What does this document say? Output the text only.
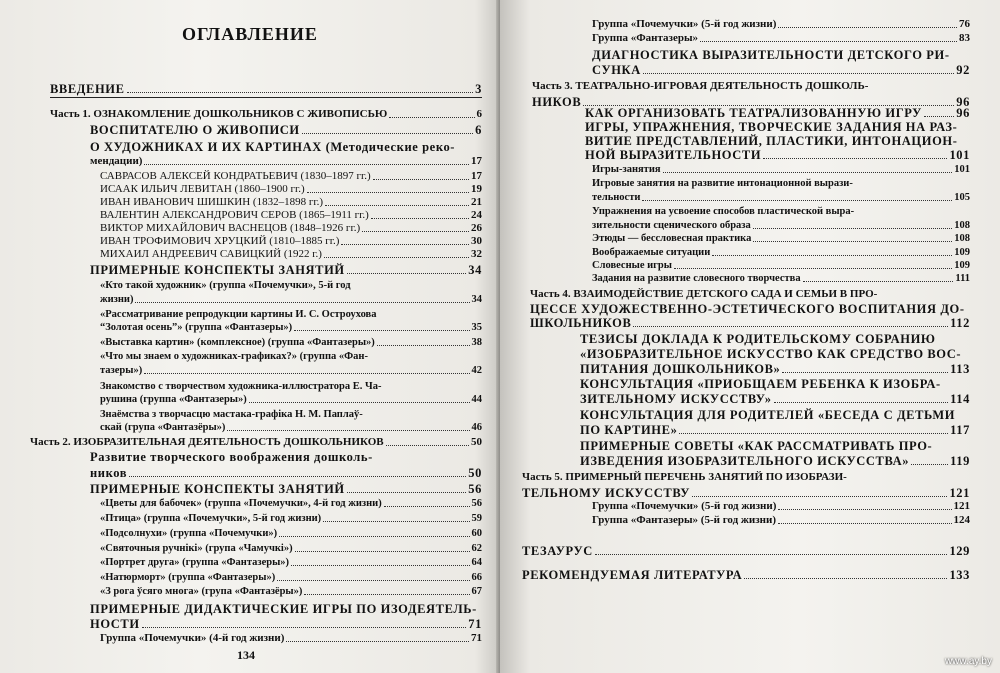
ОГЛАВЛЕНИЕ
ВВЕДЕНИЕ	3
Часть 1. ОЗНАКОМЛЕНИЕ ДОШКОЛЬНИКОВ С ЖИВОПИСЬЮ	6
ВОСПИТАТЕЛЮ О ЖИВОПИСИ	6
О ХУДОЖНИКАХ И ИХ КАРТИНАХ (Методические реко-
мендации)	17
САВРАСОВ АЛЕКСЕЙ КОНДРАТЬЕВИЧ (1830–1897 гг.)	17
ИСААК ИЛЬИЧ ЛЕВИТАН (1860–1900 гг.)	19
ИВАН ИВАНОВИЧ ШИШКИН (1832–1898 гг.)	21
ВАЛЕНТИН АЛЕКСАНДРОВИЧ СЕРОВ (1865–1911 гг.)	24
ВИКТОР МИХАЙЛОВИЧ ВАСНЕЦОВ (1848–1926 гг.)	26
ИВАН ТРОФИМОВИЧ ХРУЦКИЙ (1810–1885 гг.)	30
МИХАИЛ АНДРЕЕВИЧ САВИЦКИЙ (1922 г.)	32
ПРИМЕРНЫЕ КОНСПЕКТЫ ЗАНЯТИЙ	34
«Кто такой художник» (группа «Почемучки», 5-й год
жизни)	34
«Рассматривание репродукции картины И. С. Остроухова
“Золотая осень”» (группа «Фантазеры»)	35
«Выставка картин» (комплексное) (группа «Фантазеры»)	38
«Что мы знаем о художниках-графиках?» (группа «Фан-
тазеры»)	42
Знакомство с творчеством художника-иллюстратора Е. Ча-
рушина (группа «Фантазеры»)	44
Знаёмства з творчасцю мастака-графіка Н. М. Паплаў-
скай (група «Фантазёры»)	46
Часть 2. ИЗОБРАЗИТЕЛЬНАЯ ДЕЯТЕЛЬНОСТЬ ДОШКОЛЬНИКОВ	50
Развитие творческого воображения дошколь-
ников	50
ПРИМЕРНЫЕ КОНСПЕКТЫ ЗАНЯТИЙ	56
«Цветы для бабочек» (группа «Почемучки», 4-й год жизни)	56
«Птица» (группа «Почемучки», 5-й год жизни)	59
«Подсолнухи» (группа «Почемучки»)	60
«Святочныя ручнікі» (група «Чамучкі»)	62
«Портрет друга» (группа «Фантазеры»)	64
«Натюрморт» (группа «Фантазеры»)	66
«З рога ўсяго многа» (група «Фантазёры»)	67
ПРИМЕРНЫЕ ДИДАКТИЧЕСКИЕ ИГРЫ ПО ИЗОДЕЯТЕЛЬ-
НОСТИ	71
Группа «Почемучки» (4-й год жизни)	71
134
Группа «Почемучки» (5-й год жизни)	76
Группа «Фантазеры»	83
ДИАГНОСТИКА ВЫРАЗИТЕЛЬНОСТИ ДЕТСКОГО РИ-
СУНКА	92
Часть 3. ТЕАТРАЛЬНО-ИГРОВАЯ ДЕЯТЕЛЬНОСТЬ ДОШКОЛЬ-
НИКОВ	96
КАК ОРГАНИЗОВАТЬ ТЕАТРАЛИЗОВАННУЮ ИГРУ	96
ИГРЫ, УПРАЖНЕНИЯ, ТВОРЧЕСКИЕ ЗАДАНИЯ НА РАЗ-
ВИТИЕ ПРЕДСТАВЛЕНИЙ, ПЛАСТИКИ, ИНТОНАЦИОН-
НОЙ ВЫРАЗИТЕЛЬНОСТИ	101
Игры-занятия	101
Игровые занятия на развитие интонационной вырази-
тельности	105
Упражнения на усвоение способов пластической выра-
зительности сценического образа	108
Этюды — бессловесная практика	108
Воображаемые ситуации	109
Словесные игры	109
Задания на развитие словесного творчества	111
Часть 4. ВЗАИМОДЕЙСТВИЕ ДЕТСКОГО САДА И СЕМЬИ В ПРО-
ЦЕССЕ ХУДОЖЕСТВЕННО-ЭСТЕТИЧЕСКОГО ВОСПИТАНИЯ ДО-
ШКОЛЬНИКОВ	112
ТЕЗИСЫ ДОКЛАДА К РОДИТЕЛЬСКОМУ СОБРАНИЮ
«ИЗОБРАЗИТЕЛЬНОЕ ИСКУССТВО КАК СРЕДСТВО ВОС-
ПИТАНИЯ ДОШКОЛЬНИКОВ»	113
КОНСУЛЬТАЦИЯ «ПРИОБЩАЕМ РЕБЕНКА К ИЗОБРА-
ЗИТЕЛЬНОМУ ИСКУССТВУ»	114
КОНСУЛЬТАЦИЯ ДЛЯ РОДИТЕЛЕЙ «БЕСЕДА С ДЕТЬМИ
ПО КАРТИНЕ»	117
ПРИМЕРНЫЕ СОВЕТЫ «КАК РАССМАТРИВАТЬ ПРО-
ИЗВЕДЕНИЯ ИЗОБРАЗИТЕЛЬНОГО ИСКУССТВА»	119
Часть 5. ПРИМЕРНЫЙ ПЕРЕЧЕНЬ ЗАНЯТИЙ ПО ИЗОБРАЗИ-
ТЕЛЬНОМУ ИСКУССТВУ	121
Группа «Почемучки» (5-й год жизни)	121
Группа «Фантазеры» (5-й год жизни)	124
ТЕЗАУРУС	129
РЕКОМЕНДУЕМАЯ ЛИТЕРАТУРА	133
www.ay.by
